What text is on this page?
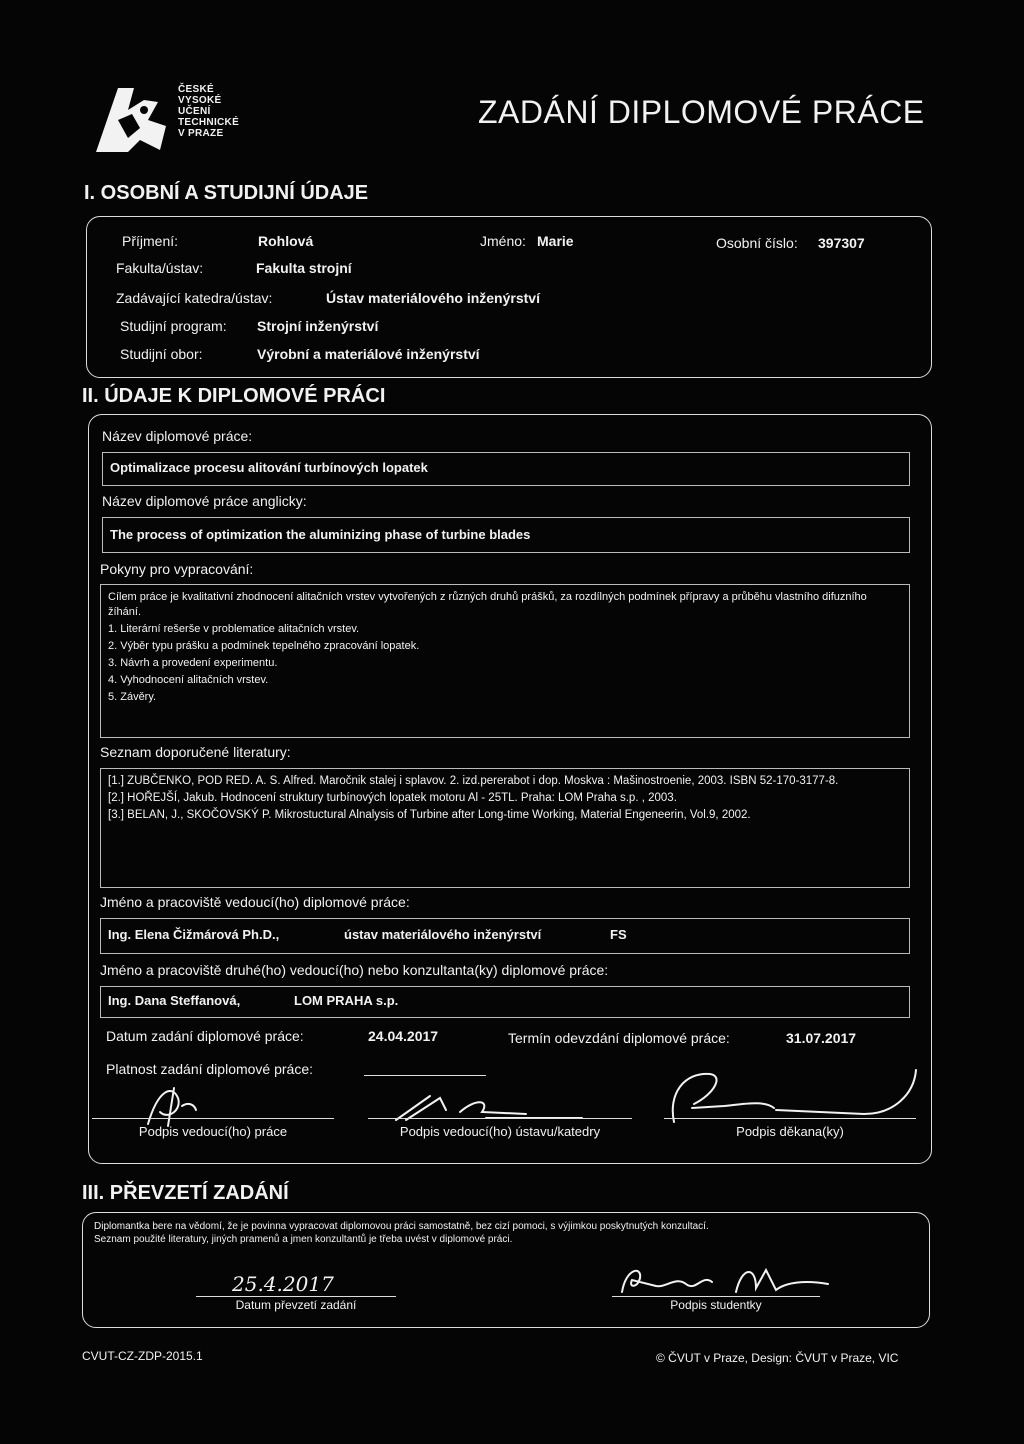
ČESKÉ
VYSOKÉ
UČENÍ
TECHNICKÉ
V PRAZE
ZADÁNÍ DIPLOMOVÉ PRÁCE
I. OSOBNÍ A STUDIJNÍ ÚDAJE
Příjmení:	Rohlová	Jméno: Marie	Osobní číslo: 397307
Fakulta/ústav:	Fakulta strojní
Zadávající katedra/ústav:	Ústav materiálového inženýrství
Studijní program: Strojní inženýrství
Studijní obor:	Výrobní a materiálové inženýrství
II. ÚDAJE K DIPLOMOVÉ PRÁCI
Název diplomové práce:
Optimalizace procesu alitování turbínových lopatek
Název diplomové práce anglicky:
The process of optimization the aluminizing phase of turbine blades
Pokyny pro vypracování:
Cílem práce je kvalitativní zhodnocení alitačních vrstev vytvořených z různých druhů prášků, za rozdílných podmínek přípravy a průběhu vlastního difuzního žíhání.
1. Literární rešerše v problematice alitačních vrstev.
2. Výběr typu prášku a podmínek tepelného zpracování lopatek.
3. Návrh a provedení experimentu.
4. Vyhodnocení alitačních vrstev.
5. Závěry.
Seznam doporučené literatury:
[1.] ZUBČENKO, POD RED. A. S. Alfred. Maročnik stalej i splavov. 2. izd.pererabot i dop. Moskva : Mašinostroenie, 2003. ISBN 52-170-3177-8.
[2.] HOŘEJŠÍ, Jakub. Hodnocení struktury turbínových lopatek motoru Al - 25TL. Praha: LOM Praha s.p. , 2003.
[3.] BELAN, J., SKOČOVSKÝ P. Mikrostuctural Alnalysis of Turbine after Long-time Working, Material Engeneerin, Vol.9, 2002.
Jméno a pracoviště vedoucí(ho) diplomové práce:
Ing. Elena Čižmárová Ph.D.,	ústav materiálového inženýrství	FS
Jméno a pracoviště druhé(ho) vedoucí(ho) nebo konzultanta(ky) diplomové práce:
Ing. Dana Steffanová,	LOM PRAHA s.p.
Datum zadání diplomové práce:	24.04.2017	Termín odevzdání diplomové práce:	31.07.2017
Platnost zadání diplomové práce:
Podpis vedoucí(ho) práce	Podpis vedoucí(ho) ústavu/katedry	Podpis děkana(ky)
III. PŘEVZETÍ ZADÁNÍ
Diplomantka bere na vědomí, že je povinna vypracovat diplomovou práci samostatně, bez cizí pomoci, s výjimkou poskytnutých konzultací.
Seznam použité literatury, jiných pramenů a jmen konzultantů je třeba uvést v diplomové práci.
25.4.2017
Datum převzetí zadání	Podpis studentky
CVUT-CZ-ZDP-2015.1	© ČVUT v Praze, Design: ČVUT v Praze, VIC
